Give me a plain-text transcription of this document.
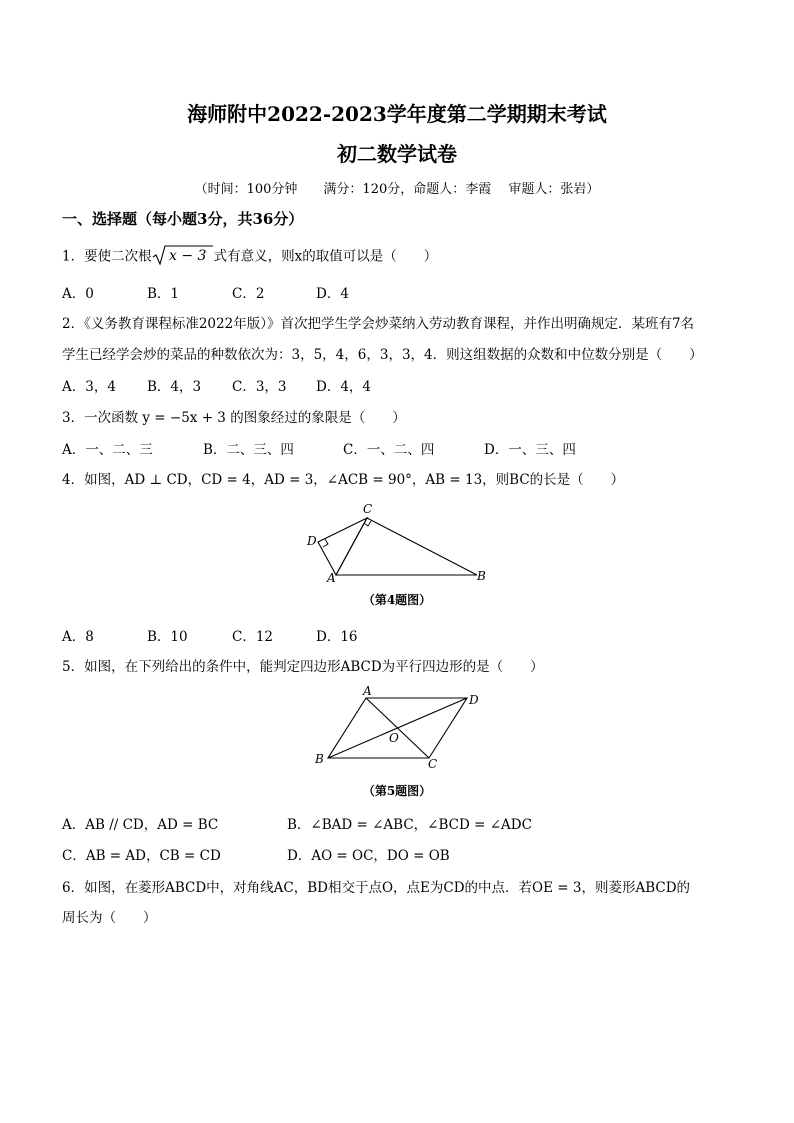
海师附中2022-2023学年度第二学期期末考试
初二数学试卷
（时间：100分钟　　满分：120分，命题人：李霞　 审题人：张岩）
一、选择题（每小题3分，共36分）
1．要使二次根 x − 3 式有意义，则x的取值可以是（　　）
A．0	B．1	C．2	D．4
2．《义务教育课程标准2022年版）》首次把学生学会炒菜纳入劳动教育课程，并作出明确规定．某班有7名
学生已经学会炒的菜品的种数依次为：3，5，4，6，3，3，4．则这组数据的众数和中位数分别是（　　）
A．3，4 B．4，3 C．3，3 D．4，4
3．一次函数 y = −5x + 3 的图象经过的象限是（　　）
A．一、二、三	B．二、三、四	C．一、二、四	D．一、三、四
4．如图，AD ⊥ CD，CD = 4，AD = 3，∠ACB = 90°，AB = 13，则BC的长是（　　）
C
D
A	B
（第4题图）
A．8	B．10	C．12	D．16
5．如图，在下列给出的条件中，能判定四边形ABCD为平行四边形的是（　　）
A
D
B	C
O
（第5题图）
A．AB // CD，AD = BC	B．∠BAD = ∠ABC，∠BCD = ∠ADC
C．AB = AD，CB = CD	D．AO = OC，DO = OB
6．如图，在菱形ABCD中，对角线AC，BD相交于点O，点E为CD的中点．若OE = 3，则菱形ABCD的
周长为（　　）
